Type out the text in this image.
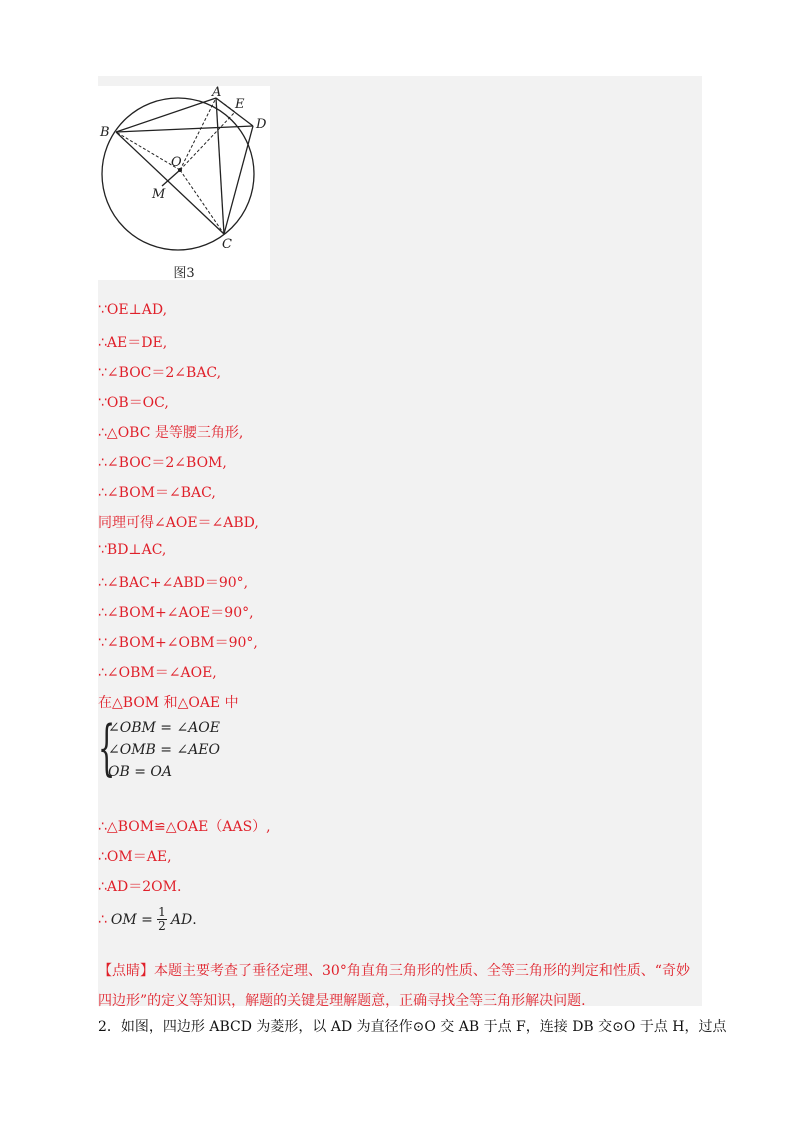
B
A
E
D
O
M
C
图3
∵OE⊥AD,
∴AE＝DE,
∵∠BOC＝2∠BAC,
∵OB＝OC,
∴△OBC 是等腰三角形,
∴∠BOC＝2∠BOM,
∴∠BOM＝∠BAC,
同理可得∠AOE＝∠ABD,
∵BD⊥AC,
∴∠BAC+∠ABD＝90°,
∴∠BOM+∠AOE＝90°,
∵∠BOM+∠OBM＝90°,
∴∠OBM＝∠AOE,
在△BOM 和△OAE 中
{
∠OBM = ∠AOE
∠OMB = ∠AEO
OB = OA
∴△BOM≌△OAE（AAS）,
∴OM＝AE,
∴AD＝2OM.
∴ OM = $\frac{1}{2}$ AD .
【点睛】本题主要考查了垂径定理、30°角直角三角形的性质、全等三角形的判定和性质、“奇妙四边形”的定义等知识，解题的关键是理解题意，正确寻找全等三角形解决问题.
2．如图，四边形 ABCD 为菱形，以 AD 为直径作⊙O 交 AB 于点 F，连接 DB 交⊙O 于点 H，过点
